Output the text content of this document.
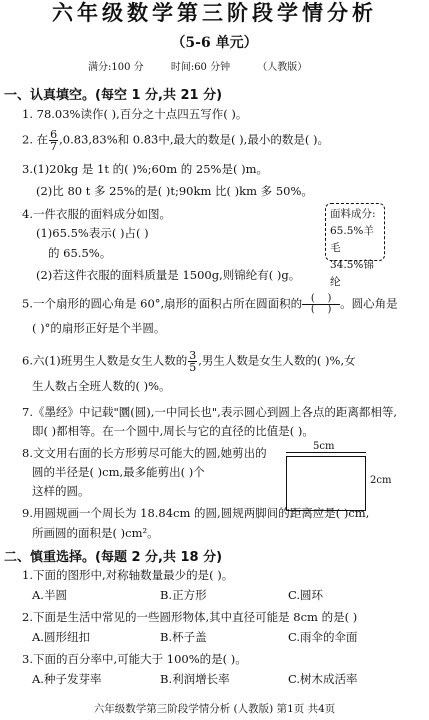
六年级数学第三阶段学情分析
（5-6 单元）
满分:100 分	时间:60 分钟	（人教版）
一、认真填空。(每空 1 分,共 21 分)
1. 78.03%读作( ),百分之十点四五写作( )。
2. 在 $\frac{6}{7}$ ,0.83̇,83%和 0.8̇3̇中,最大的数是( ),最小的数是( )。
3.(1)20kg 是 1t 的( )%;60m 的 25%是( )m。
(2)比 80 t 多 25%的是( )t;90km 比( )km 多 50%。
4.一件衣服的面料成分如图。
(1)65.5%表示( )占( )
的 65.5%。
(2)若这件衣服的面料质量是 1500g,则锦纶有( )g。
面料成分:
65.5%羊毛
34.5%锦纶
5.一个扇形的圆心角是 60°,扇形的面积占所在圆面积的 $\frac{( )}{( )}$。圆心角是
( )°的扇形正好是个半圆。
6.六(1)班男生人数是女生人数的 $\frac{3}{5}$ ,男生人数是女生人数的( )%,女
生人数占全班人数的( )%。
7.《墨经》中记载"圜(圆),一中同长也",表示圆心到圆上各点的距离都相等,
即( )都相等。在一个圆中,周长与它的直径的比值是( )。
8.文文用右面的长方形剪尽可能大的圆,她剪出的
圆的半径是( )cm,最多能剪出( )个
这样的圆。
5cm
2cm
9.用圆规画一个周长为 18.84cm 的圆,圆规两脚间的距离应是( )cm,
所画圆的面积是( )cm²。
二、慎重选择。(每题 2 分,共 18 分)
1.下面的图形中,对称轴数量最少的是( )。
A.半圆	B.正方形	C.圆环
2.下面是生活中常见的一些圆形物体,其中直径可能是 8cm 的是( )
A.圆形纽扣	B.杯子盖	C.雨伞的伞面
3.下面的百分率中,可能大于 100%的是( )。
A.种子发芽率	B.利润增长率	C.树木成活率
六年级数学第三阶段学情分析 (人教版) 第1页 共4页
